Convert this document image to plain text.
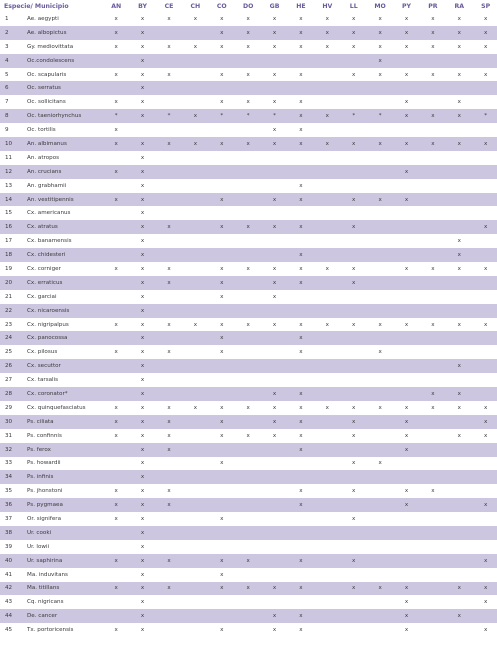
Especie/ Municipio		AN	BY	CE	CH	CO	DO	GB	HE	HV	LL	MO	PY	PR	RA	SP
1	Ae. aegypti	x	x	x	x	x	x	x	x	x	x	x	x	x	x	x
2	Ae. albopictus	x	x			x	x	x	x	x	x	x	x	x	x	x
3	Gy. mediovittata	x	x	x	x	x	x	x	x	x	x	x	x	x	x	x
4	Oc.condolescens		x									x				
5	Oc. scapularis	x	x	x		x	x	x	x		x	x	x	x	x	x
6	Oc. serratus		x													
7	Oc. sollicitans	x	x			x	x	x	x				x		x	
8	Oc. taeniorhynchus	*	x	*	x	*	*	*	x	x	*	*	x	x	x	*
9	Oc. tortilis	x						x	x							
10	An. albimanus	x	x	x	x	x	x	x	x	x	x	x	x	x	x	x
11	An. atropos		x													
12	An. crucians	x	x										x			
13	An. grabhamii		x						x							
14	An. vestitipennis	x	x			x		x	x		x	x	x			
15	Cx. americanus		x													
16	Cx. atratus		x	x		x	x	x	x		x					x
17	Cx. banamensis		x												x	
18	Cx. chidesteri		x						x						x	
19	Cx. corniger	x	x	x		x	x	x	x	x	x		x	x	x	x
20	Cx. erraticus		x	x		x		x	x		x					
21	Cx. garciai		x			x		x								
22	Cx. nicaroensis		x													
23	Cx. nigripalpus	x	x	x	x	x	x	x	x	x	x	x	x	x	x	x
24	Cx. panocossa		x			x			x							
25	Cx. pilosus	x	x	x		x			x			x				
26	Cx. secuttor		x												x	
27	Cx. tarsalis		x													
28	Cx. coronator*		x					x	x					x	x	
29	Cx. quinquefasciatus	x	x	x	x	x	x	x	x	x	x	x	x	x	x	x
30	Ps. ciliata	x	x	x		x		x	x		x		x			x
31	Ps. confinnis	x	x	x		x	x	x	x		x		x		x	x
32	Ps. ferox		x	x					x				x			
33	Ps. howardii		x			x					x	x				
34	Ps. infinis		x													
35	Ps. jhonstoni	x	x	x					x		x		x	x		
36	Ps. pygmaea	x	x	x					x				x			x
37	Or. signifera	x	x			x					x					
38	Ur. cooki		x													
39	Ur. lowii		x													
40	Ur. saphirina	x	x	x		x	x		x		x					x
41	Ma. induvitans		x			x										
42	Ma. titillans	x	x	x		x	x	x	x		x	x	x		x	x
43	Cq. nigricans		x										x			x
44	De. cancer		x					x	x				x		x	
45	Tx. portoricensis	x	x			x		x	x				x			x
